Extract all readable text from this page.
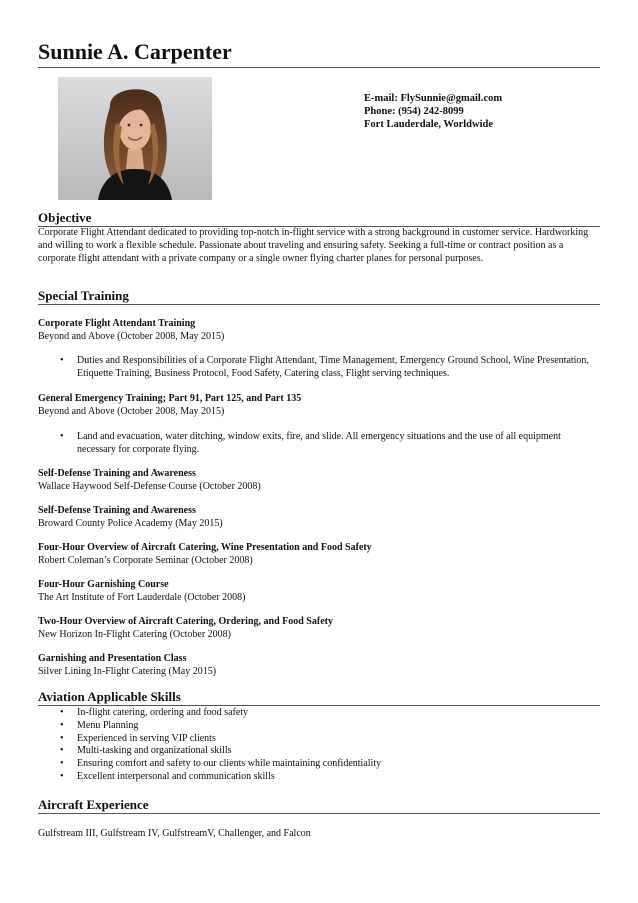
Sunnie A. Carpenter
E-mail: FlySunnie@gmail.com
Phone: (954) 242-8099
Fort Lauderdale, Worldwide
Objective

Corporate Flight Attendant dedicated to providing top-notch in-flight service with a strong background in customer service. Hardworking and willing to work a flexible schedule. Passionate about traveling and ensuring safety. Seeking a full-time or contract position as a corporate flight attendant with a private company or a single owner flying charter planes for personal purposes.

Special Training
Corporate Flight Attendant Training
Beyond and Above (October 2008, May 2015)
• Duties and Responsibilities of a Corporate Flight Attendant, Time Management, Emergency Ground School, Wine Presentation, Etiquette Training, Business Protocol, Food Safety, Catering class, Flight serving techniques.
General Emergency Training; Part 91, Part 125, and Part 135
Beyond and Above (October 2008, May 2015)
• Land and evacuation, water ditching, window exits, fire, and slide. All emergency situations and the use of all equipment necessary for corporate flying.
Self-Defense Training and Awareness
Wallace Haywood Self-Defense Course (October 2008)
Self-Defense Training and Awareness
Broward County Police Academy (May 2015)
Four-Hour Overview of Aircraft Catering, Wine Presentation and Food Safety
Robert Coleman’s Corporate Seminar (October 2008)
Four-Hour Garnishing Course
The Art Institute of Fort Lauderdale (October 2008)
Two-Hour Overview of Aircraft Catering, Ordering, and Food Safety
New Horizon In-Flight Catering (October 2008)
Garnishing and Presentation Class
Silver Lining In-Flight Catering (May 2015)
Aviation Applicable Skills
• In-flight catering, ordering and food safety
• Menu Planning
• Experienced in serving VIP clients
• Multi-tasking and organizational skills
• Ensuring comfort and safety to our clients while maintaining confidentiality
• Excellent interpersonal and communication skills
Aircraft Experience

Gulfstream III, Gulfstream IV, GulfstreamV, Challenger, and Falcon
